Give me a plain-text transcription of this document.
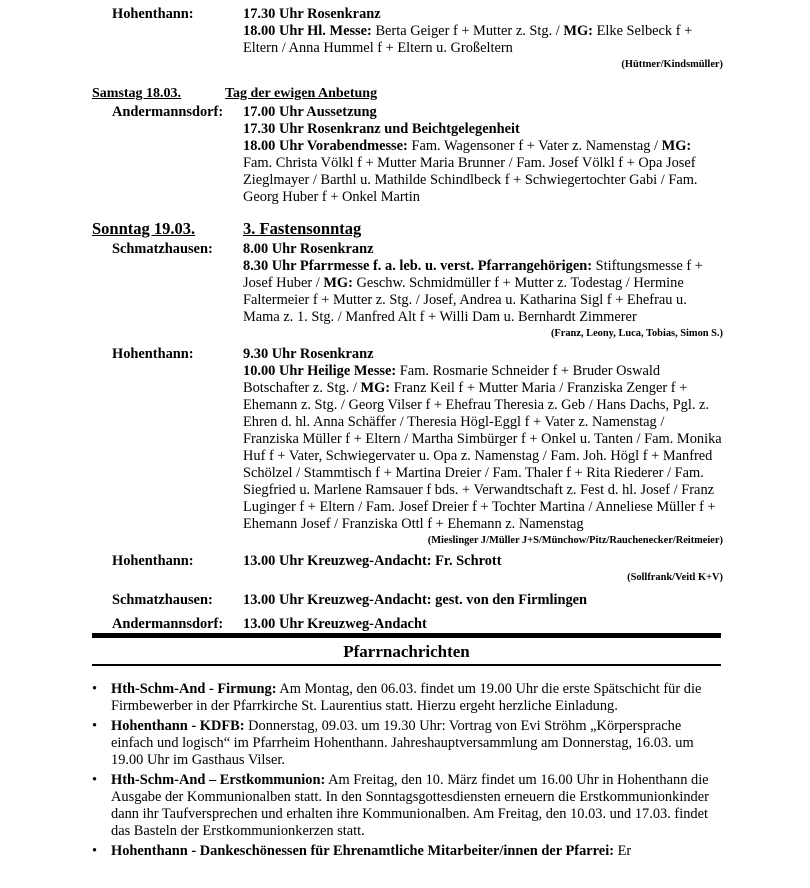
Hohenthann:	17.30 Uhr Rosenkranz

18.00 Uhr Hl. Messe: Berta Geiger f + Mutter z. Stg. / MG: Elke Selbeck f + Eltern / Anna Hummel f + Eltern u. Großeltern

(Hüttner/Kindsmüller)
Samstag 18.03.	Tag der ewigen Anbetung
Andermannsdorf: 17.00 Uhr Aussetzung

17.30 Uhr Rosenkranz und Beichtgelegenheit

18.00 Uhr Vorabendmesse: Fam. Wagensoner f + Vater z. Namenstag / MG: Fam. Christa Völkl f + Mutter Maria Brunner / Fam. Josef Völkl f + Opa Josef Zieglmayer / Barthl u. Mathilde Schindlbeck f + Schwiegertochter Gabi / Fam. Georg Huber f + Onkel Martin

Sonntag 19.03.	3. Fastensonntag
Schmatzhausen: 8.00 Uhr Rosenkranz

8.30 Uhr Pfarrmesse f. a. leb. u. verst. Pfarrangehörigen: Stiftungsmesse f + Josef Huber / MG: Geschw. Schmidmüller f + Mutter z. Todestag / Hermine Faltermeier f + Mutter z. Stg. / Josef, Andrea u. Katharina Sigl f + Ehefrau u. Mama z. 1. Stg. / Manfred Alt f + Willi Dam u. Bernhardt Zimmerer

(Franz, Leony, Luca, Tobias, Simon S.)
Hohenthann:	9.30 Uhr Rosenkranz

10.00 Uhr Heilige Messe: Fam. Rosmarie Schneider f + Bruder Oswald Botschafter z. Stg. / MG: Franz Keil f + Mutter Maria / Franziska Zenger f + Ehemann z. Stg. / Georg Vilser f + Ehefrau Theresia z. Geb / Hans Dachs, Pgl. z. Ehren d. hl. Anna Schäffer / Theresia Högl-Eggl f + Vater z. Namenstag / Franziska Müller f + Eltern / Martha Simbürger f + Onkel u. Tanten / Fam. Monika Huf f + Vater, Schwiegervater u. Opa z. Namenstag / Fam. Joh. Högl f + Manfred Schölzel / Stammtisch f + Martina Dreier / Fam. Thaler f + Rita Riederer / Fam. Siegfried u. Marlene Ramsauer f bds. + Verwandtschaft z. Fest d. hl. Josef / Franz Luginger f + Eltern / Fam. Josef Dreier f + Tochter Martina / Anneliese Müller f + Ehemann Josef / Franziska Ottl f + Ehemann z. Namenstag

(Mieslinger J/Müller J+S/Münchow/Pitz/Rauchenecker/Reitmeier)
Hohenthann:	13.00 Uhr Kreuzweg-Andacht: Fr. Schrott

(Sollfrank/Veitl K+V)
Schmatzhausen: 13.00 Uhr Kreuzweg-Andacht: gest. von den Firmlingen

Andermannsdorf: 13.00 Uhr Kreuzweg-Andacht

Pfarrnachrichten

• Hth-Schm-And - Firmung: Am Montag, den 06.03. findet um 19.00 Uhr die erste Spätschicht für die Firmbewerber in der Pfarrkirche St. Laurentius statt. Hierzu ergeht herzliche Einladung.

• Hohenthann - KDFB: Donnerstag, 09.03. um 19.30 Uhr: Vortrag von Evi Ströhm „Körpersprache einfach und logisch“ im Pfarrheim Hohenthann. Jahreshauptversammlung am Donnerstag, 16.03. um 19.00 Uhr im Gasthaus Vilser.

• Hth-Schm-And – Erstkommunion: Am Freitag, den 10. März findet um 16.00 Uhr in Hohenthann die Ausgabe der Kommunionalben statt. In den Sonntagsgottesdiensten erneuern die Erstkommunionkinder dann ihr Taufversprechen und erhalten ihre Kommunionalben. Am Freitag, den 10.03. und 17.03. findet das Basteln der Erstkommunionkerzen statt.

• Hohenthann - Dankeschönessen für Ehrenamtliche Mitarbeiter/innen der Pfarrei: Er
